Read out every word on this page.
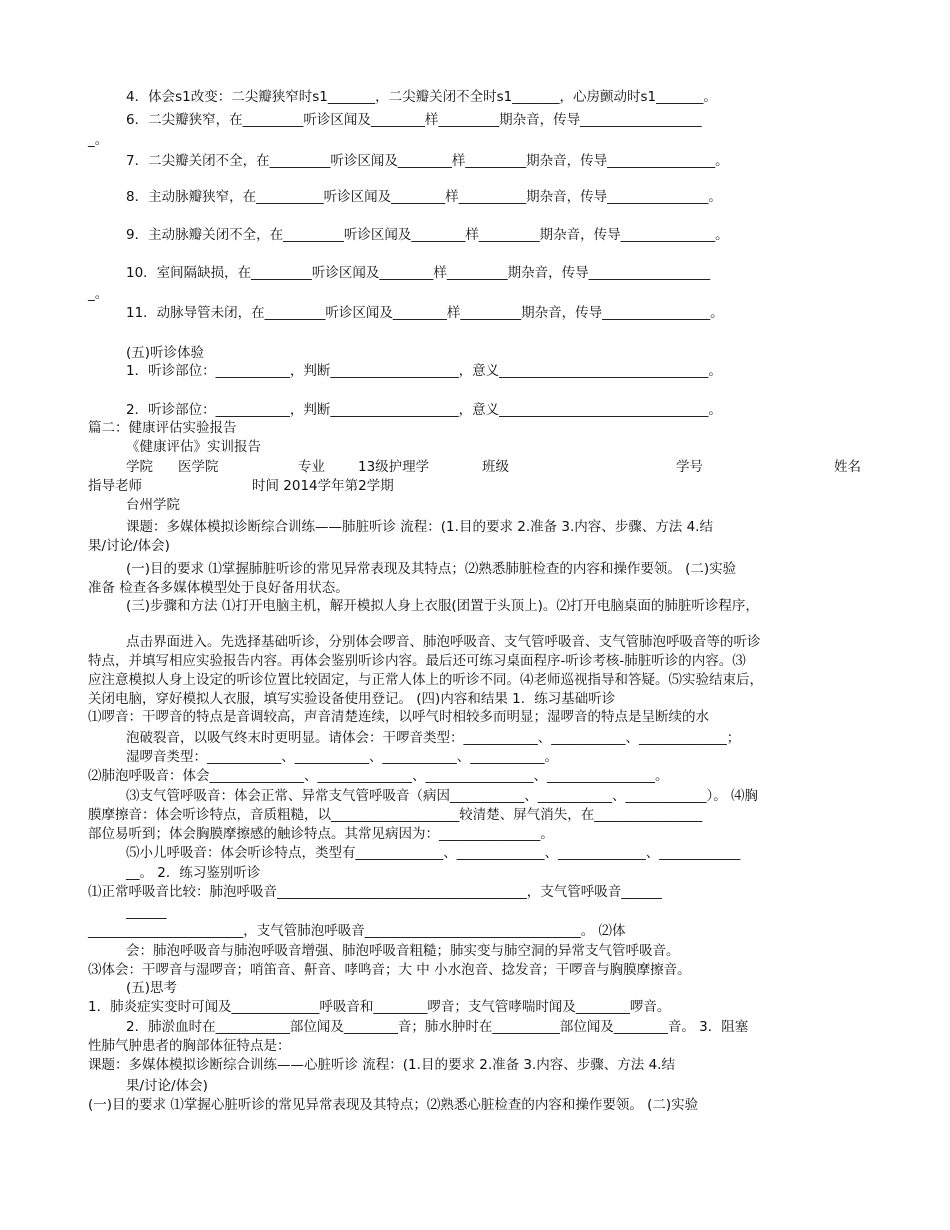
4．体会s1改变：二尖瓣狭窄时s1_______，二尖瓣关闭不全时s1_______，心房颤动时s1_______。
6．二尖瓣狭窄，在_________听诊区闻及________样_________期杂音，传导__________________
_。
7．二尖瓣关闭不全，在_________听诊区闻及________样_________期杂音，传导________________。
8．主动脉瓣狭窄，在__________听诊区闻及________样__________期杂音，传导_______________。
9．主动脉瓣关闭不全，在_________听诊区闻及________样_________期杂音，传导______________。
10．室间隔缺损，在_________听诊区闻及________样_________期杂音，传导__________________
_。
11．动脉导管未闭，在_________听诊区闻及________样_________期杂音，传导________________。
(五)听诊体验
1．听诊部位：___________，判断___________________，意义_______________________________。
2．听诊部位：___________，判断___________________，意义_______________________________。
篇二：健康评估实验报告
《健康评估》实训报告
学院 医学院	专业 13级护理学	班级	学号	姓名
指导老师	时间 2014学年第2学期
台州学院
课题：多媒体模拟诊断综合训练——肺脏听诊 流程：(1.目的要求 2.准备 3.内容、步骤、方法 4.结
果/讨论/体会)
(一)目的要求 ⑴掌握肺脏听诊的常见异常表现及其特点；⑵熟悉肺脏检查的内容和操作要领。 (二)实验
准备 检查各多媒体模型处于良好备用状态。
(三)步骤和方法 ⑴打开电脑主机，解开模拟人身上衣服(团置于头顶上)。⑵打开电脑桌面的肺脏听诊程序，
点击界面进入。先选择基础听诊，分别体会啰音、肺泡呼吸音、支气管呼吸音、支气管肺泡呼吸音等的听诊
特点，并填写相应实验报告内容。再体会鉴别听诊内容。最后还可练习桌面程序-听诊考核-肺脏听诊的内容。⑶
应注意模拟人身上设定的听诊位置比较固定，与正常人体上的听诊不同。⑷老师巡视指导和答疑。⑸实验结束后，
关闭电脑，穿好模拟人衣服，填写实验设备使用登记。 (四)内容和结果 1．练习基础听诊
⑴啰音：干啰音的特点是音调较高，声音清楚连续，以呼气时相较多而明显；湿啰音的特点是呈断续的水
泡破裂音，以吸气终末时更明显。请体会：干啰音类型：___________、___________、_____________；
湿啰音类型：___________、___________、___________、___________。
⑵肺泡呼吸音：体会______________、______________、________________、________________。
⑶支气管呼吸音：体会正常、异常支气管呼吸音（病因___________、___________、____________）。 ⑷胸
膜摩擦音：体会听诊特点，音质粗糙，以___________________较清楚、屏气消失，在________________
部位易听到；体会胸膜摩擦感的触诊特点。其常见病因为：_______________。
⑸小儿呼吸音：体会听诊特点，类型有_____________、_____________、_____________、____________
__。 2．练习鉴别听诊
⑴正常呼吸音比较：肺泡呼吸音_____________________________________，支气管呼吸音______
______
_______________________，支气管肺泡呼吸音________________________________。 ⑵体
会：肺泡呼吸音与肺泡呼吸音增强、肺泡呼吸音粗糙；肺实变与肺空洞的异常支气管呼吸音。
⑶体会：干啰音与湿啰音；哨笛音、鼾音、哮鸣音；大 中 小水泡音、捻发音；干啰音与胸膜摩擦音。
(五)思考
1．肺炎症实变时可闻及_____________呼吸音和________啰音；支气管哮喘时闻及________啰音。
2．肺淤血时在___________部位闻及________音；肺水肿时在__________部位闻及________音。 3．阻塞
性肺气肿患者的胸部体征特点是：
课题：多媒体模拟诊断综合训练——心脏听诊 流程：(1.目的要求 2.准备 3.内容、步骤、方法 4.结
果/讨论/体会)
(一)目的要求 ⑴掌握心脏听诊的常见异常表现及其特点；⑵熟悉心脏检查的内容和操作要领。 (二)实验
